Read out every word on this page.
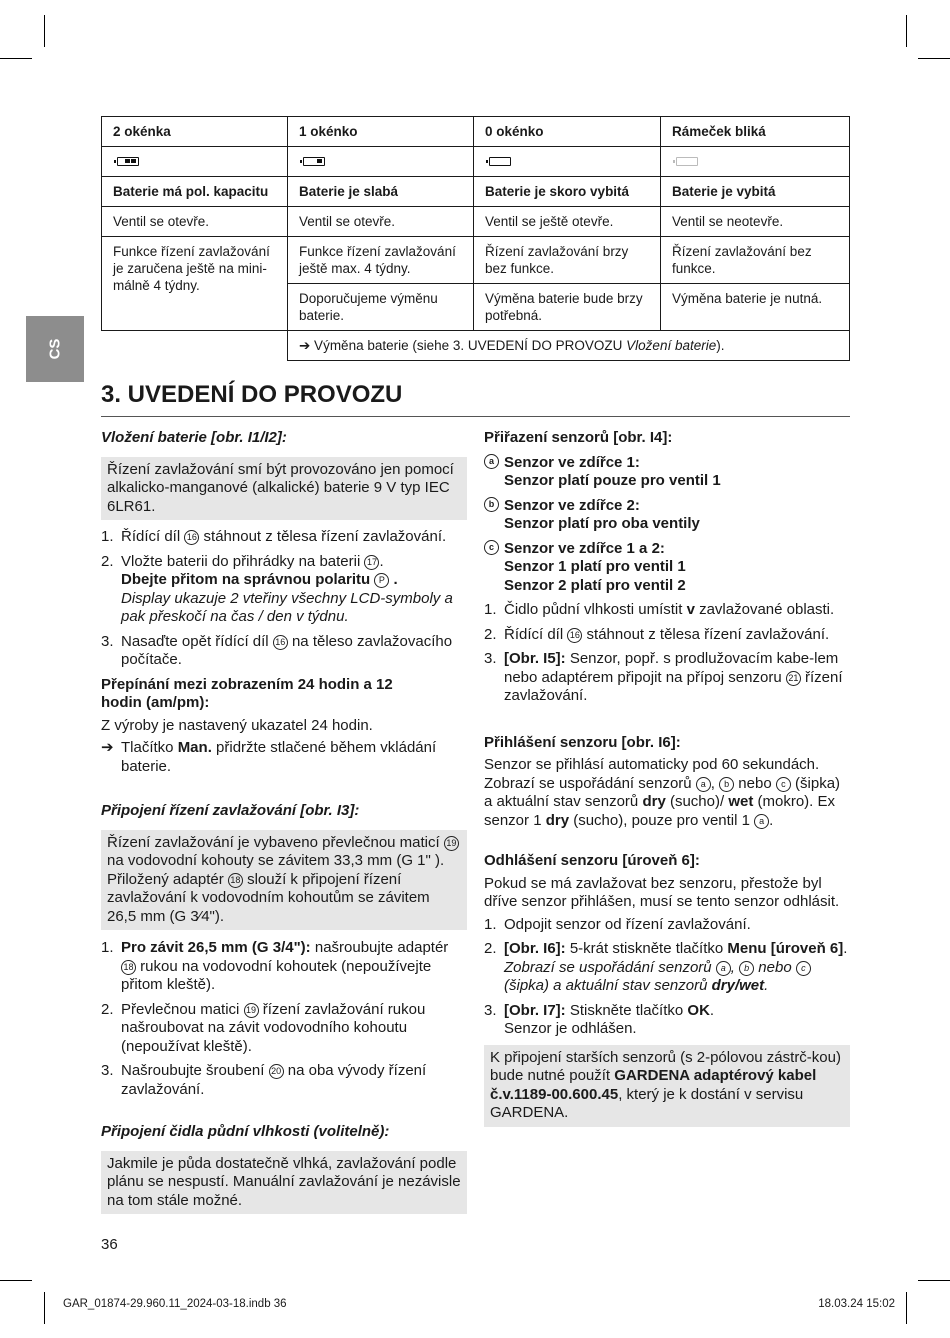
CS
2 okénka	1 okénko	0 okénko	Rámeček bliká

Baterie má pol. kapacitu	Baterie je slabá	Baterie je skoro vybitá	Baterie je vybitá
Ventil se otevře.	Ventil se otevře.	Ventil se ještě otevře.	Ventil se neotevře.
Funkce řízení zavlažování je zaručena ještě na mini-málně 4 týdny.	Funkce řízení zavlažování ještě max. 4 týdny.	Řízení zavlažování brzy bez funkce.	Řízení zavlažování bez funkce.
	Doporučujeme výměnu baterie.	Výměna baterie bude brzy potřebná.	Výměna baterie je nutná.
	➔ Výměna baterie (siehe 3. UVEDENÍ DO PROVOZU Vložení baterie).		
3. UVEDENÍ DO PROVOZU

Vložení baterie [obr. I1/I2]:

Řízení zavlažování smí být provozováno jen pomocí alkalicko-manganové (alkalické) baterie 9 V typ IEC 6LR61.

1. Řídící díl 16 stáhnout z tělesa řízení zavlažování.
2. Vložte baterii do přihrádky na baterii 17 .
Dbejte přitom na správnou polaritu P .
Display ukazuje 2 vteřiny všechny LCD-symboly a pak přeskočí na čas / den v týdnu.
3. Nasaďte opět řídící díl 16 na těleso zavlažovacího počítače.

Přepínání mezi zobrazením 24 hodin a 12 hodin (am/pm):

Z výroby je nastavený ukazatel 24 hodin.

➔ Tlačítko Man. přidržte stlačené během vkládání baterie.

Připojení řízení zavlažování [obr. I3]:

Řízení zavlažování je vybaveno převlečnou maticí 19 na vodovodní kohouty se závitem 33,3 mm (G 1" ). Přiložený adaptér 18 slouží k připojení řízení zavlažování k vodovodním kohoutům se závitem 26,5 mm (G 3⁄4").

1. Pro závit 26,5 mm (G 3/4"): našroubujte adaptér 18 rukou na vodovodní kohoutek (nepoužívejte přitom kleště).
2. Převlečnou matici 19 řízení zavlažování rukou našroubovat na závit vodovodního kohoutu (nepoužívat kleště).
3. Našroubujte šroubení 20 na oba vývody řízení zavlažování.

Připojení čidla půdní vlhkosti (volitelně):

Jakmile je půda dostatečně vlhká, zavlažování podle plánu se nespustí. Manuální zavlažování je nezávisle na tom stále možné.

Přiřazení senzorů [obr. I4]:

a Senzor ve zdířce 1:
Senzor platí pouze pro ventil 1
b Senzor ve zdířce 2:
Senzor platí pro oba ventily
c Senzor ve zdířce 1 a 2:
Senzor 1 platí pro ventil 1
Senzor 2 platí pro ventil 2
1. Čidlo půdní vlhkosti umístit v zavlažované oblasti.
2. Řídící díl 16 stáhnout z tělesa řízení zavlažování.
3. [Obr. I5]: Senzor, popř. s prodlužovacím kabe-lem nebo adaptérem připojit na přípoj senzoru 21 řízení zavlažování.

Přihlášení senzoru [obr. I6]:

Senzor se přihlásí automaticky pod 60 sekundách. Zobrazí se uspořádání senzorů a , b nebo c (šipka) a aktuální stav senzorů dry (sucho)/ wet (mokro). Ex senzor 1 dry (sucho), pouze pro ventil 1 a .

Odhlášení senzoru [úroveň 6]:

Pokud se má zavlažovat bez senzoru, přestože byl dříve senzor přihlášen, musí se tento senzor odhlásit.

1. Odpojit senzor od řízení zavlažování.
2. [Obr. I6]: 5-krát stiskněte tlačítko Menu [úroveň 6].
Zobrazí se uspořádání senzorů a , b nebo c (šipka) a aktuální stav senzorů dry/wet.
3. [Obr. I7]: Stiskněte tlačítko OK.
Senzor je odhlášen.

K připojení starších senzorů (s 2-pólovou zástrč-kou) bude nutné použít GARDENA adaptérový kabel č.v.1189-00.600.45, který je k dostání v servisu GARDENA.

36
GAR_01874-29.960.11_2024-03-18.indb 36	18.03.24 15:02
